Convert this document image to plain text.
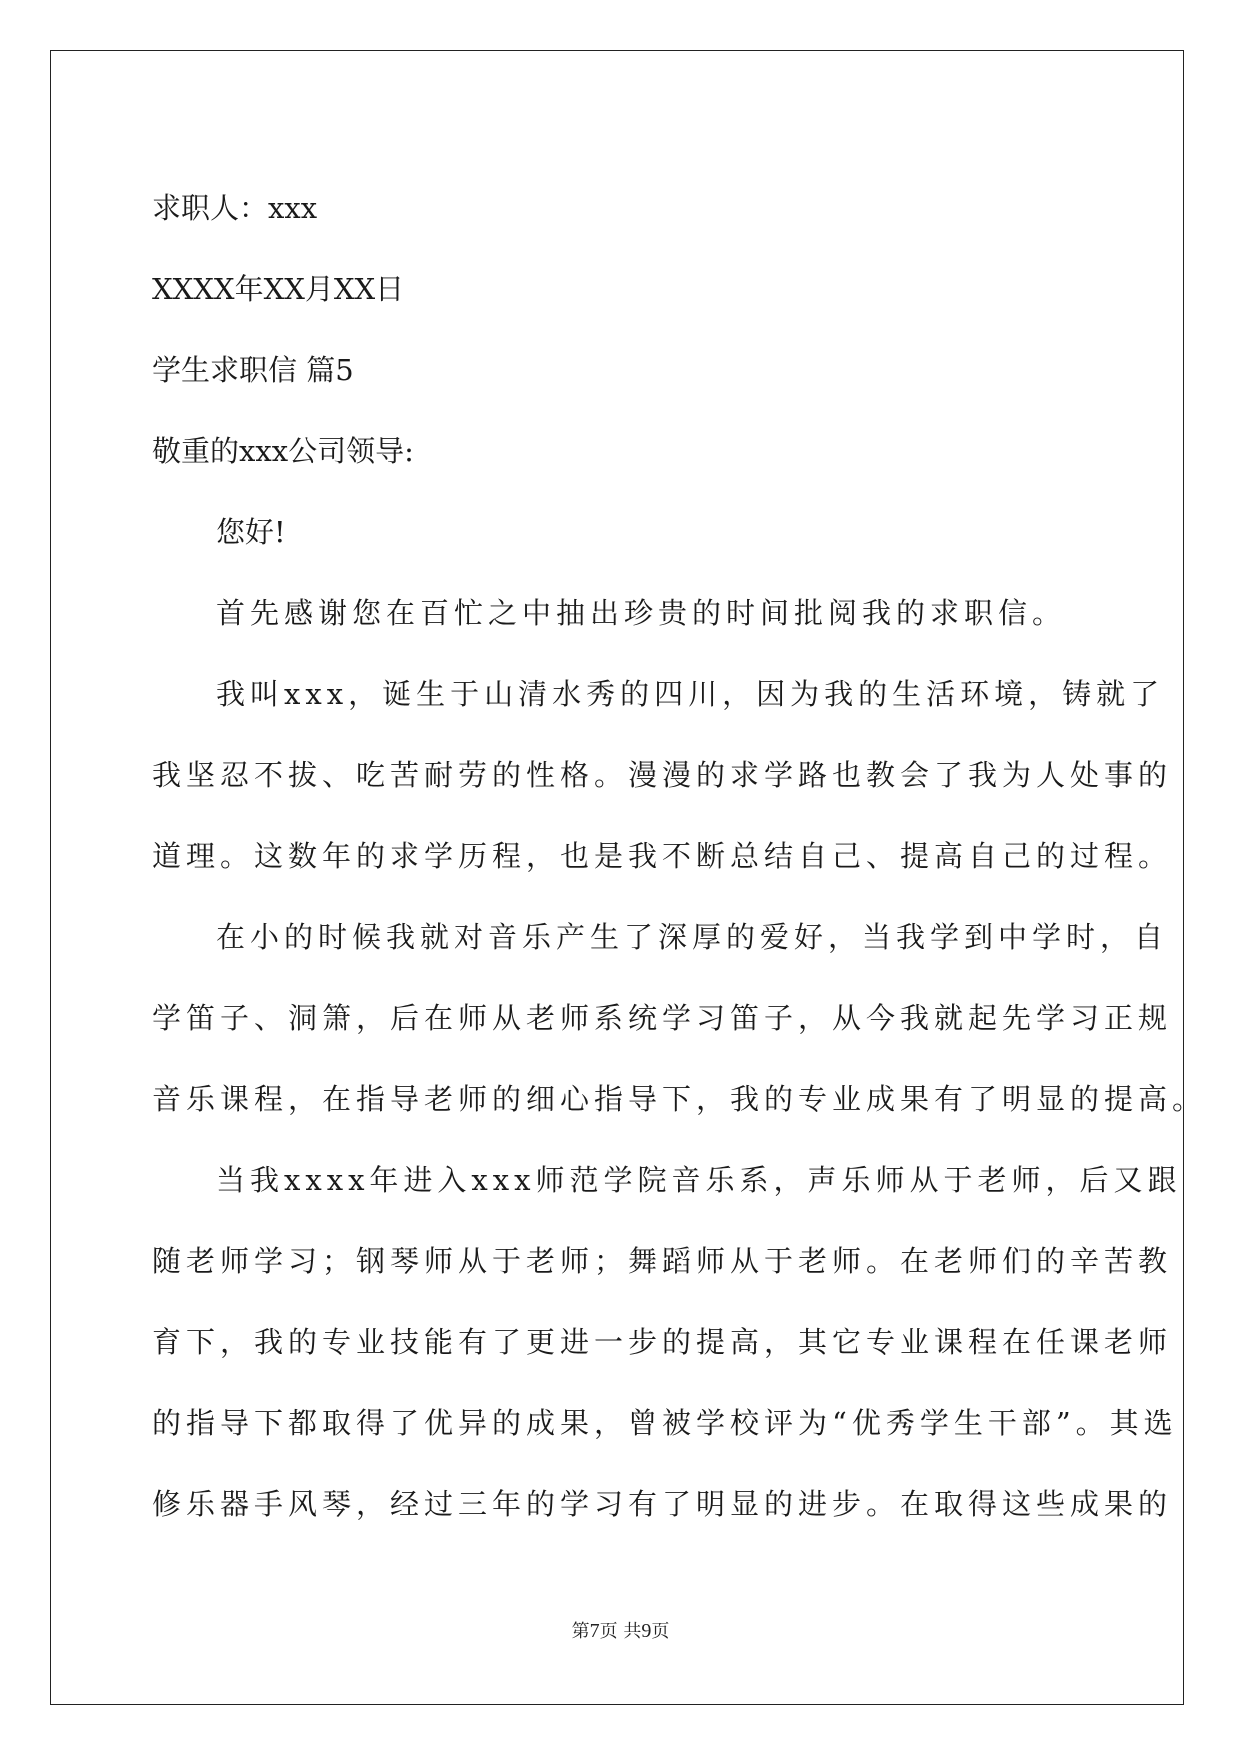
求职人：xxx
XXXX年XX月XX日
学生求职信 篇5
敬重的xxx公司领导:
您好!
首先感谢您在百忙之中抽出珍贵的时间批阅我的求职信。
我叫xxx，诞生于山清水秀的四川，因为我的生活环境，铸就了
我坚忍不拔、吃苦耐劳的性格。漫漫的求学路也教会了我为人处事的
道理。这数年的求学历程，也是我不断总结自己、提高自己的过程。
在小的时候我就对音乐产生了深厚的爱好，当我学到中学时，自
学笛子、洞箫，后在师从老师系统学习笛子，从今我就起先学习正规
音乐课程，在指导老师的细心指导下，我的专业成果有了明显的提高。
当我xxxx年进入xxx师范学院音乐系，声乐师从于老师，后又跟
随老师学习；钢琴师从于老师；舞蹈师从于老师。在老师们的辛苦教
育下，我的专业技能有了更进一步的提高，其它专业课程在任课老师
的指导下都取得了优异的成果，曾被学校评为“优秀学生干部”。其选
修乐器手风琴，经过三年的学习有了明显的进步。在取得这些成果的
第7页 共9页
